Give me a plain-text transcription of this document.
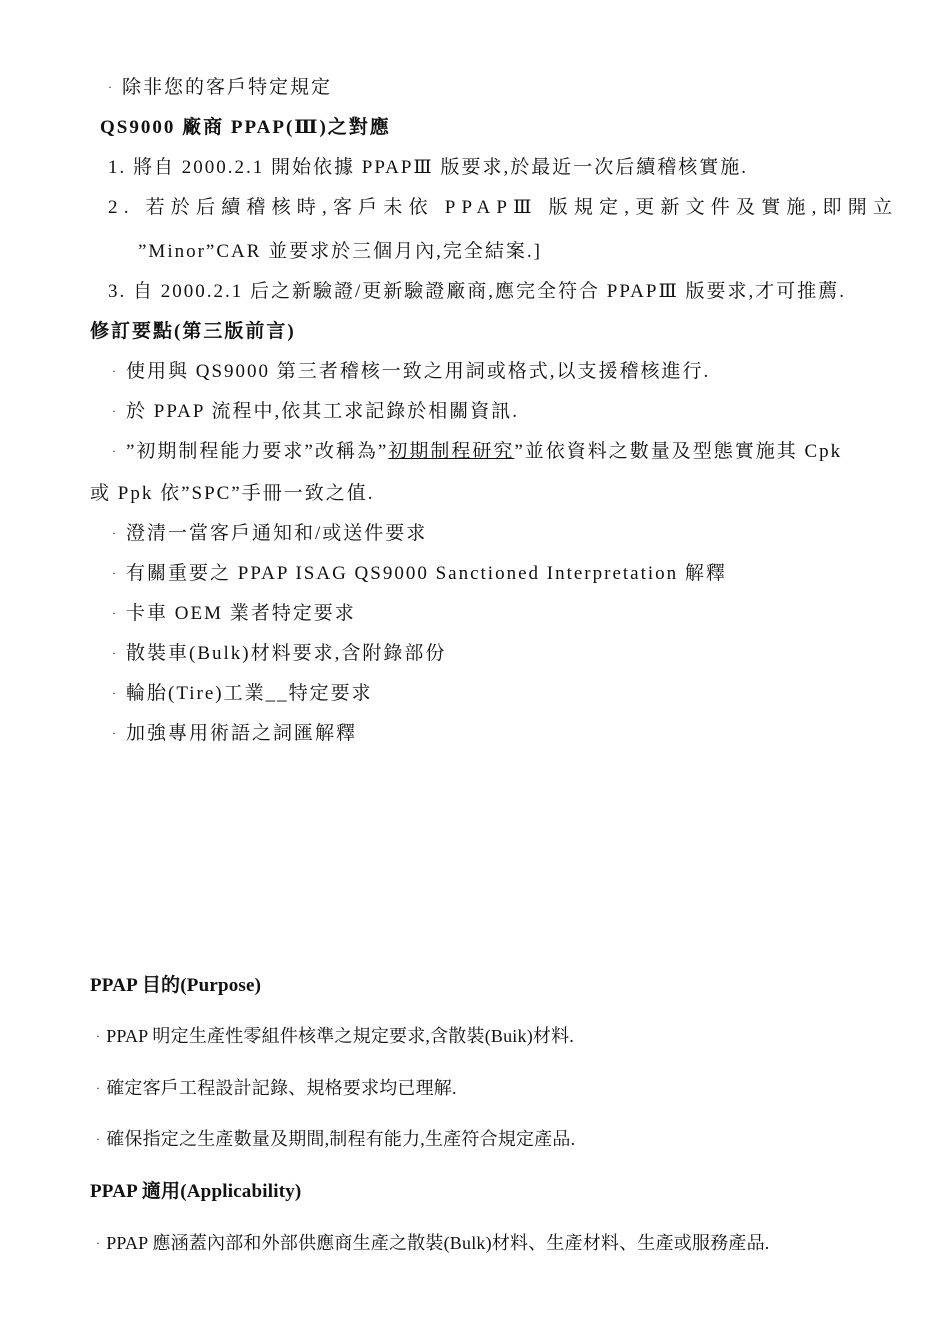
· 除非您的客戶特定規定
QS9000 廠商 PPAP(Ⅲ)之對應
1. 將自 2000.2.1 開始依據 PPAPⅢ 版要求,於最近一次后續稽核實施.
2. 若於后續稽核時,客戶未依 PPAPⅢ 版規定,更新文件及實施,即開立
”Minor”CAR 並要求於三個月內,完全結案.]
3. 自 2000.2.1 后之新驗證/更新驗證廠商,應完全符合 PPAPⅢ 版要求,才可推薦.
修訂要點(第三版前言)
· 使用與 QS9000 第三者稽核一致之用詞或格式,以支援稽核進行.
· 於 PPAP 流程中,依其工求記錄於相關資訊.
· ”初期制程能力要求”改稱為”初期制程研究”並依資料之數量及型態實施其 Cpk
或 Ppk 依”SPC”手冊一致之值.
· 澄清一當客戶通知和/或送件要求
· 有關重要之 PPAP ISAG QS9000 Sanctioned Interpretation 解釋
· 卡車 OEM 業者特定要求
· 散裝車(Bulk)材料要求,含附錄部份
· 輪胎(Tire)工業__特定要求
· 加強專用術語之詞匯解釋
PPAP 目的(Purpose)
· PPAP 明定生產性零組件核準之規定要求,含散裝(Buik)材料.
· 確定客戶工程設計記錄、規格要求均已理解.
· 確保指定之生產數量及期間,制程有能力,生產符合規定產品.
PPAP 適用(Applicability)
· PPAP 應涵蓋內部和外部供應商生產之散裝(Bulk)材料、生產材料、生產或服務產品.
